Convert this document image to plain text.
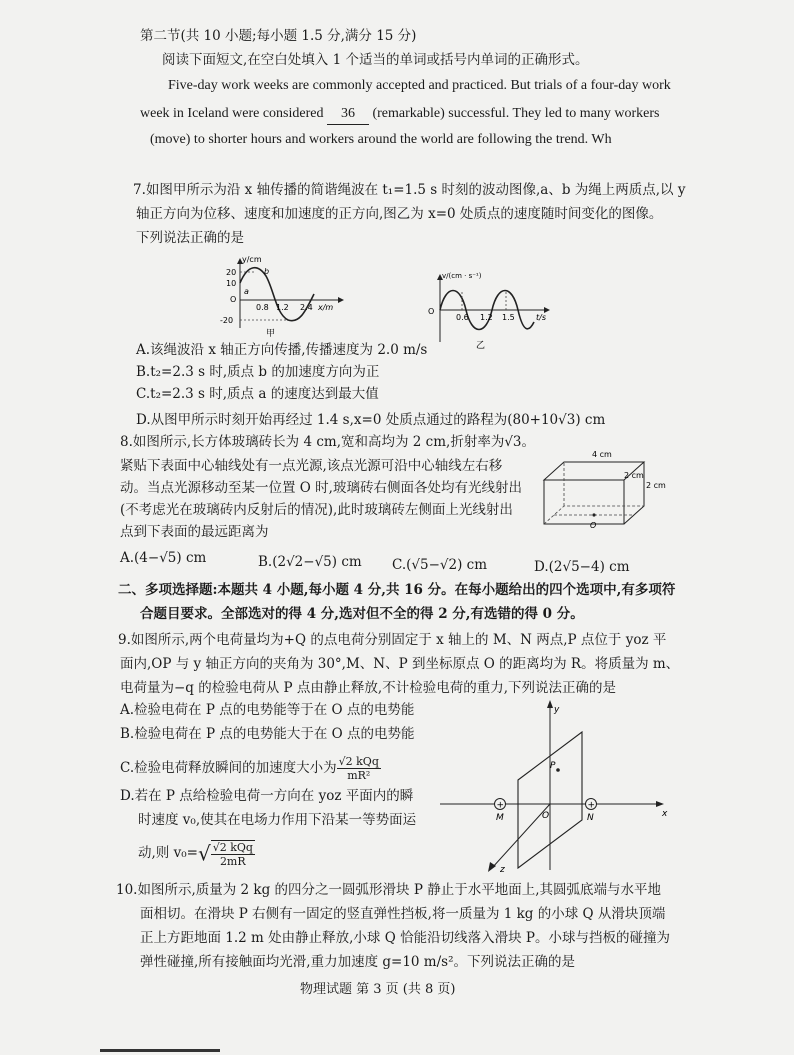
第二节(共 10 小题;每小题 1.5 分,满分 15 分)
阅读下面短文,在空白处填入 1 个适当的单词或括号内单词的正确形式。
Five-day work weeks are commonly accepted and practiced. But trials of a four-day work
week in Iceland were considered 36 (remarkable) successful. They led to many workers
(move) to shorter hours and workers around the world are following the trend. Wh
7.如图甲所示为沿 x 轴传播的简谐绳波在 t₁=1.5 s 时刻的波动图像,a、b 为绳上两质点,以 y
轴正方向为位移、速度和加速度的正方向,图乙为 x=0 处质点的速度随时间变化的图像。
下列说法正确的是
y/cm
20
10
O
-20
0.8 1.2 2.4 x/m
a
b
甲
v/(cm · s⁻¹)
O
0.6 1.2 1.5	t/s
乙
A.该绳波沿 x 轴正方向传播,传播速度为 2.0 m/s
B.t₂=2.3 s 时,质点 b 的加速度方向为正
C.t₂=2.3 s 时,质点 a 的速度达到最大值
D.从图甲所示时刻开始再经过 1.4 s,x=0 处质点通过的路程为(80+10√3) cm
8.如图所示,长方体玻璃砖长为 4 cm,宽和高均为 2 cm,折射率为√3。
紧贴下表面中心轴线处有一点光源,该点光源可沿中心轴线左右移
动。当点光源移动至某一位置 O 时,玻璃砖右侧面各处均有光线射出
(不考虑光在玻璃砖内反射后的情况),此时玻璃砖左侧面上光线射出
点到下表面的最远距离为
4 cm
2 cm
2 cm
O
A.(4−√5) cm	B.(2√2−√5) cm C.(√5−√2) cm	D.(2√5−4) cm
二、多项选择题:本题共 4 小题,每小题 4 分,共 16 分。在每小题给出的四个选项中,有多项符
合题目要求。全部选对的得 4 分,选对但不全的得 2 分,有选错的得 0 分。
9.如图所示,两个电荷量均为+Q 的点电荷分别固定于 x 轴上的 M、N 两点,P 点位于 yoz 平
面内,OP 与 y 轴正方向的夹角为 30°,M、N、P 到坐标原点 O 的距离均为 R。将质量为 m、
电荷量为−q 的检验电荷从 P 点由静止释放,不计检验电荷的重力,下列说法正确的是
A.检验电荷在 P 点的电势能等于在 O 点的电势能
B.检验电荷在 P 点的电势能大于在 O 点的电势能
C.检验电荷释放瞬间的加速度大小为 $\frac{\text{√2 kQq}}{\text{mR²}}$
D.若在 P 点给检验电荷一方向在 yoz 平面内的瞬
时速度 v₀,使其在电场力作用下沿某一等势面运
动,则 $v_0=√ \frac{\text{√2 kQq}}{2mR}$
+	+
y
x
z
O
M	N
P
10.如图所示,质量为 2 kg 的四分之一圆弧形滑块 P 静止于水平地面上,其圆弧底端与水平地
面相切。在滑块 P 右侧有一固定的竖直弹性挡板,将一质量为 1 kg 的小球 Q 从滑块顶端
正上方距地面 1.2 m 处由静止释放,小球 Q 恰能沿切线落入滑块 P。小球与挡板的碰撞为
弹性碰撞,所有接触面均光滑,重力加速度 g=10 m/s²。下列说法正确的是
物理试题 第 3 页 (共 8 页)
